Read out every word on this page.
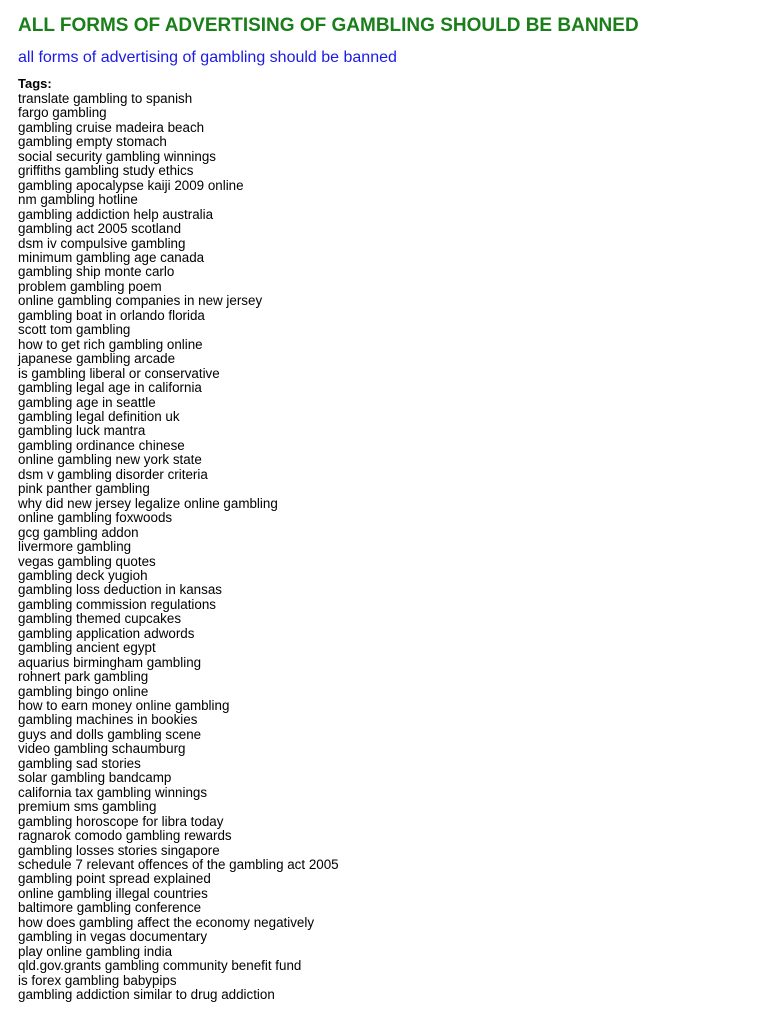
ALL FORMS OF ADVERTISING OF GAMBLING SHOULD BE BANNED
all forms of advertising of gambling should be banned
Tags:
translate gambling to spanish
fargo gambling
gambling cruise madeira beach
gambling empty stomach
social security gambling winnings
griffiths gambling study ethics
gambling apocalypse kaiji 2009 online
nm gambling hotline
gambling addiction help australia
gambling act 2005 scotland
dsm iv compulsive gambling
minimum gambling age canada
gambling ship monte carlo
problem gambling poem
online gambling companies in new jersey
gambling boat in orlando florida
scott tom gambling
how to get rich gambling online
japanese gambling arcade
is gambling liberal or conservative
gambling legal age in california
gambling age in seattle
gambling legal definition uk
gambling luck mantra
gambling ordinance chinese
online gambling new york state
dsm v gambling disorder criteria
pink panther gambling
why did new jersey legalize online gambling
online gambling foxwoods
gcg gambling addon
livermore gambling
vegas gambling quotes
gambling deck yugioh
gambling loss deduction in kansas
gambling commission regulations
gambling themed cupcakes
gambling application adwords
gambling ancient egypt
aquarius birmingham gambling
rohnert park gambling
gambling bingo online
how to earn money online gambling
gambling machines in bookies
guys and dolls gambling scene
video gambling schaumburg
gambling sad stories
solar gambling bandcamp
california tax gambling winnings
premium sms gambling
gambling horoscope for libra today
ragnarok comodo gambling rewards
gambling losses stories singapore
schedule 7 relevant offences of the gambling act 2005
gambling point spread explained
online gambling illegal countries
baltimore gambling conference
how does gambling affect the economy negatively
gambling in vegas documentary
play online gambling india
qld.gov.grants gambling community benefit fund
is forex gambling babypips
gambling addiction similar to drug addiction
